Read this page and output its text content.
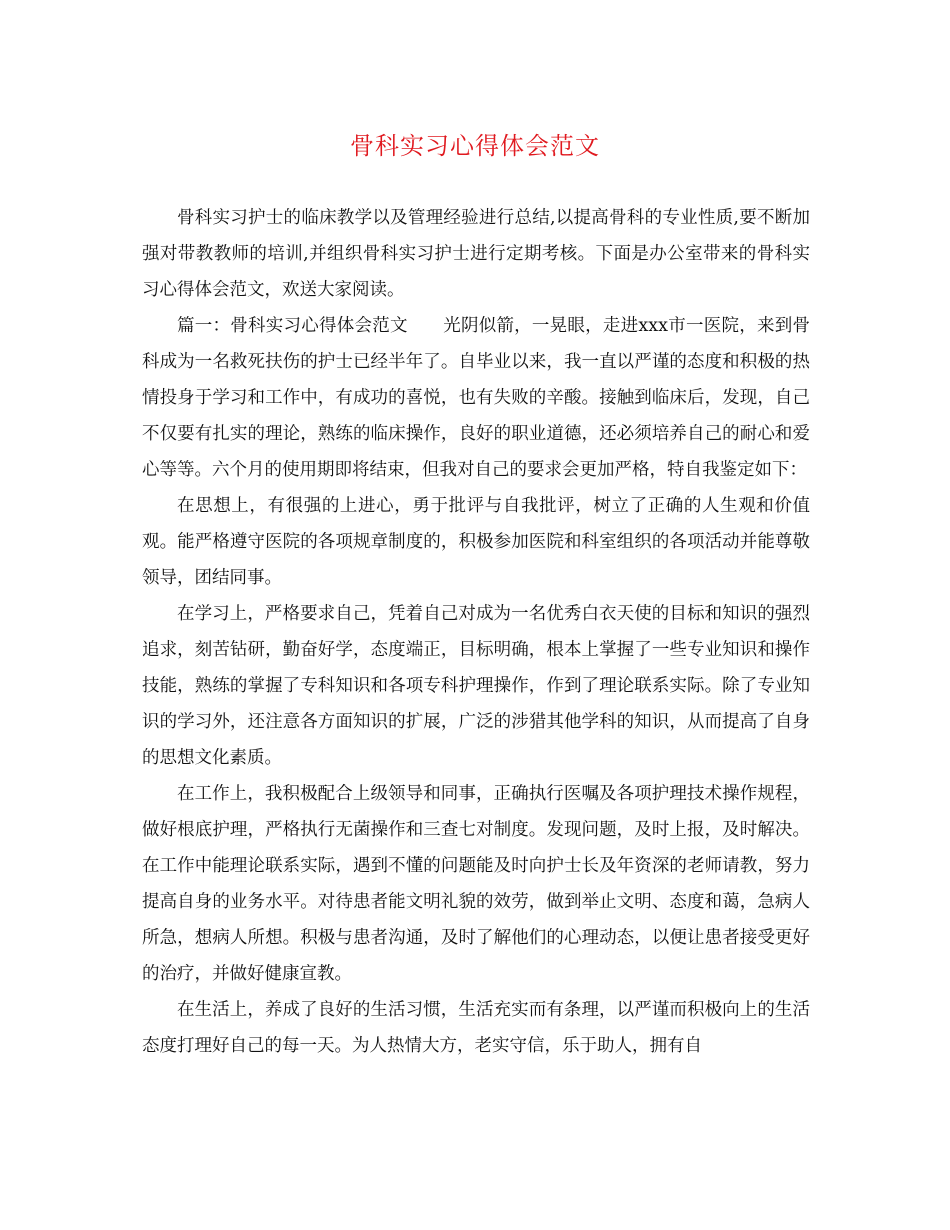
骨科实习心得体会范文

骨科实习护士的临床教学以及管理经验进行总结,以提高骨科的专业性质,要不断加强对带教教师的培训,并组织骨科实习护士进行定期考核。下面是办公室带来的骨科实习心得体会范文，欢送大家阅读。

篇一：骨科实习心得体会范文　　光阴似箭，一晃眼，走进xxx市一医院，来到骨科成为一名救死扶伤的护士已经半年了。自毕业以来，我一直以严谨的态度和积极的热情投身于学习和工作中，有成功的喜悦，也有失败的辛酸。接触到临床后，发现，自己不仅要有扎实的理论，熟练的临床操作，良好的职业道德，还必须培养自己的耐心和爱心等等。六个月的使用期即将结束，但我对自己的要求会更加严格，特自我鉴定如下：

在思想上，有很强的上进心，勇于批评与自我批评，树立了正确的人生观和价值观。能严格遵守医院的各项规章制度的，积极参加医院和科室组织的各项活动并能尊敬领导，团结同事。

在学习上，严格要求自己，凭着自己对成为一名优秀白衣天使的目标和知识的强烈追求，刻苦钻研，勤奋好学，态度端正，目标明确，根本上掌握了一些专业知识和操作技能，熟练的掌握了专科知识和各项专科护理操作，作到了理论联系实际。除了专业知识的学习外，还注意各方面知识的扩展，广泛的涉猎其他学科的知识，从而提高了自身的思想文化素质。

在工作上，我积极配合上级领导和同事，正确执行医嘱及各项护理技术操作规程，做好根底护理，严格执行无菌操作和三查七对制度。发现问题，及时上报，及时解决。在工作中能理论联系实际，遇到不懂的问题能及时向护士长及年资深的老师请教，努力提高自身的业务水平。对待患者能文明礼貌的效劳，做到举止文明、态度和蔼，急病人所急，想病人所想。积极与患者沟通，及时了解他们的心理动态，以便让患者接受更好的治疗，并做好健康宣教。

在生活上，养成了良好的生活习惯，生活充实而有条理，以严谨而积极向上的生活态度打理好自己的每一天。为人热情大方，老实守信，乐于助人，拥有自
